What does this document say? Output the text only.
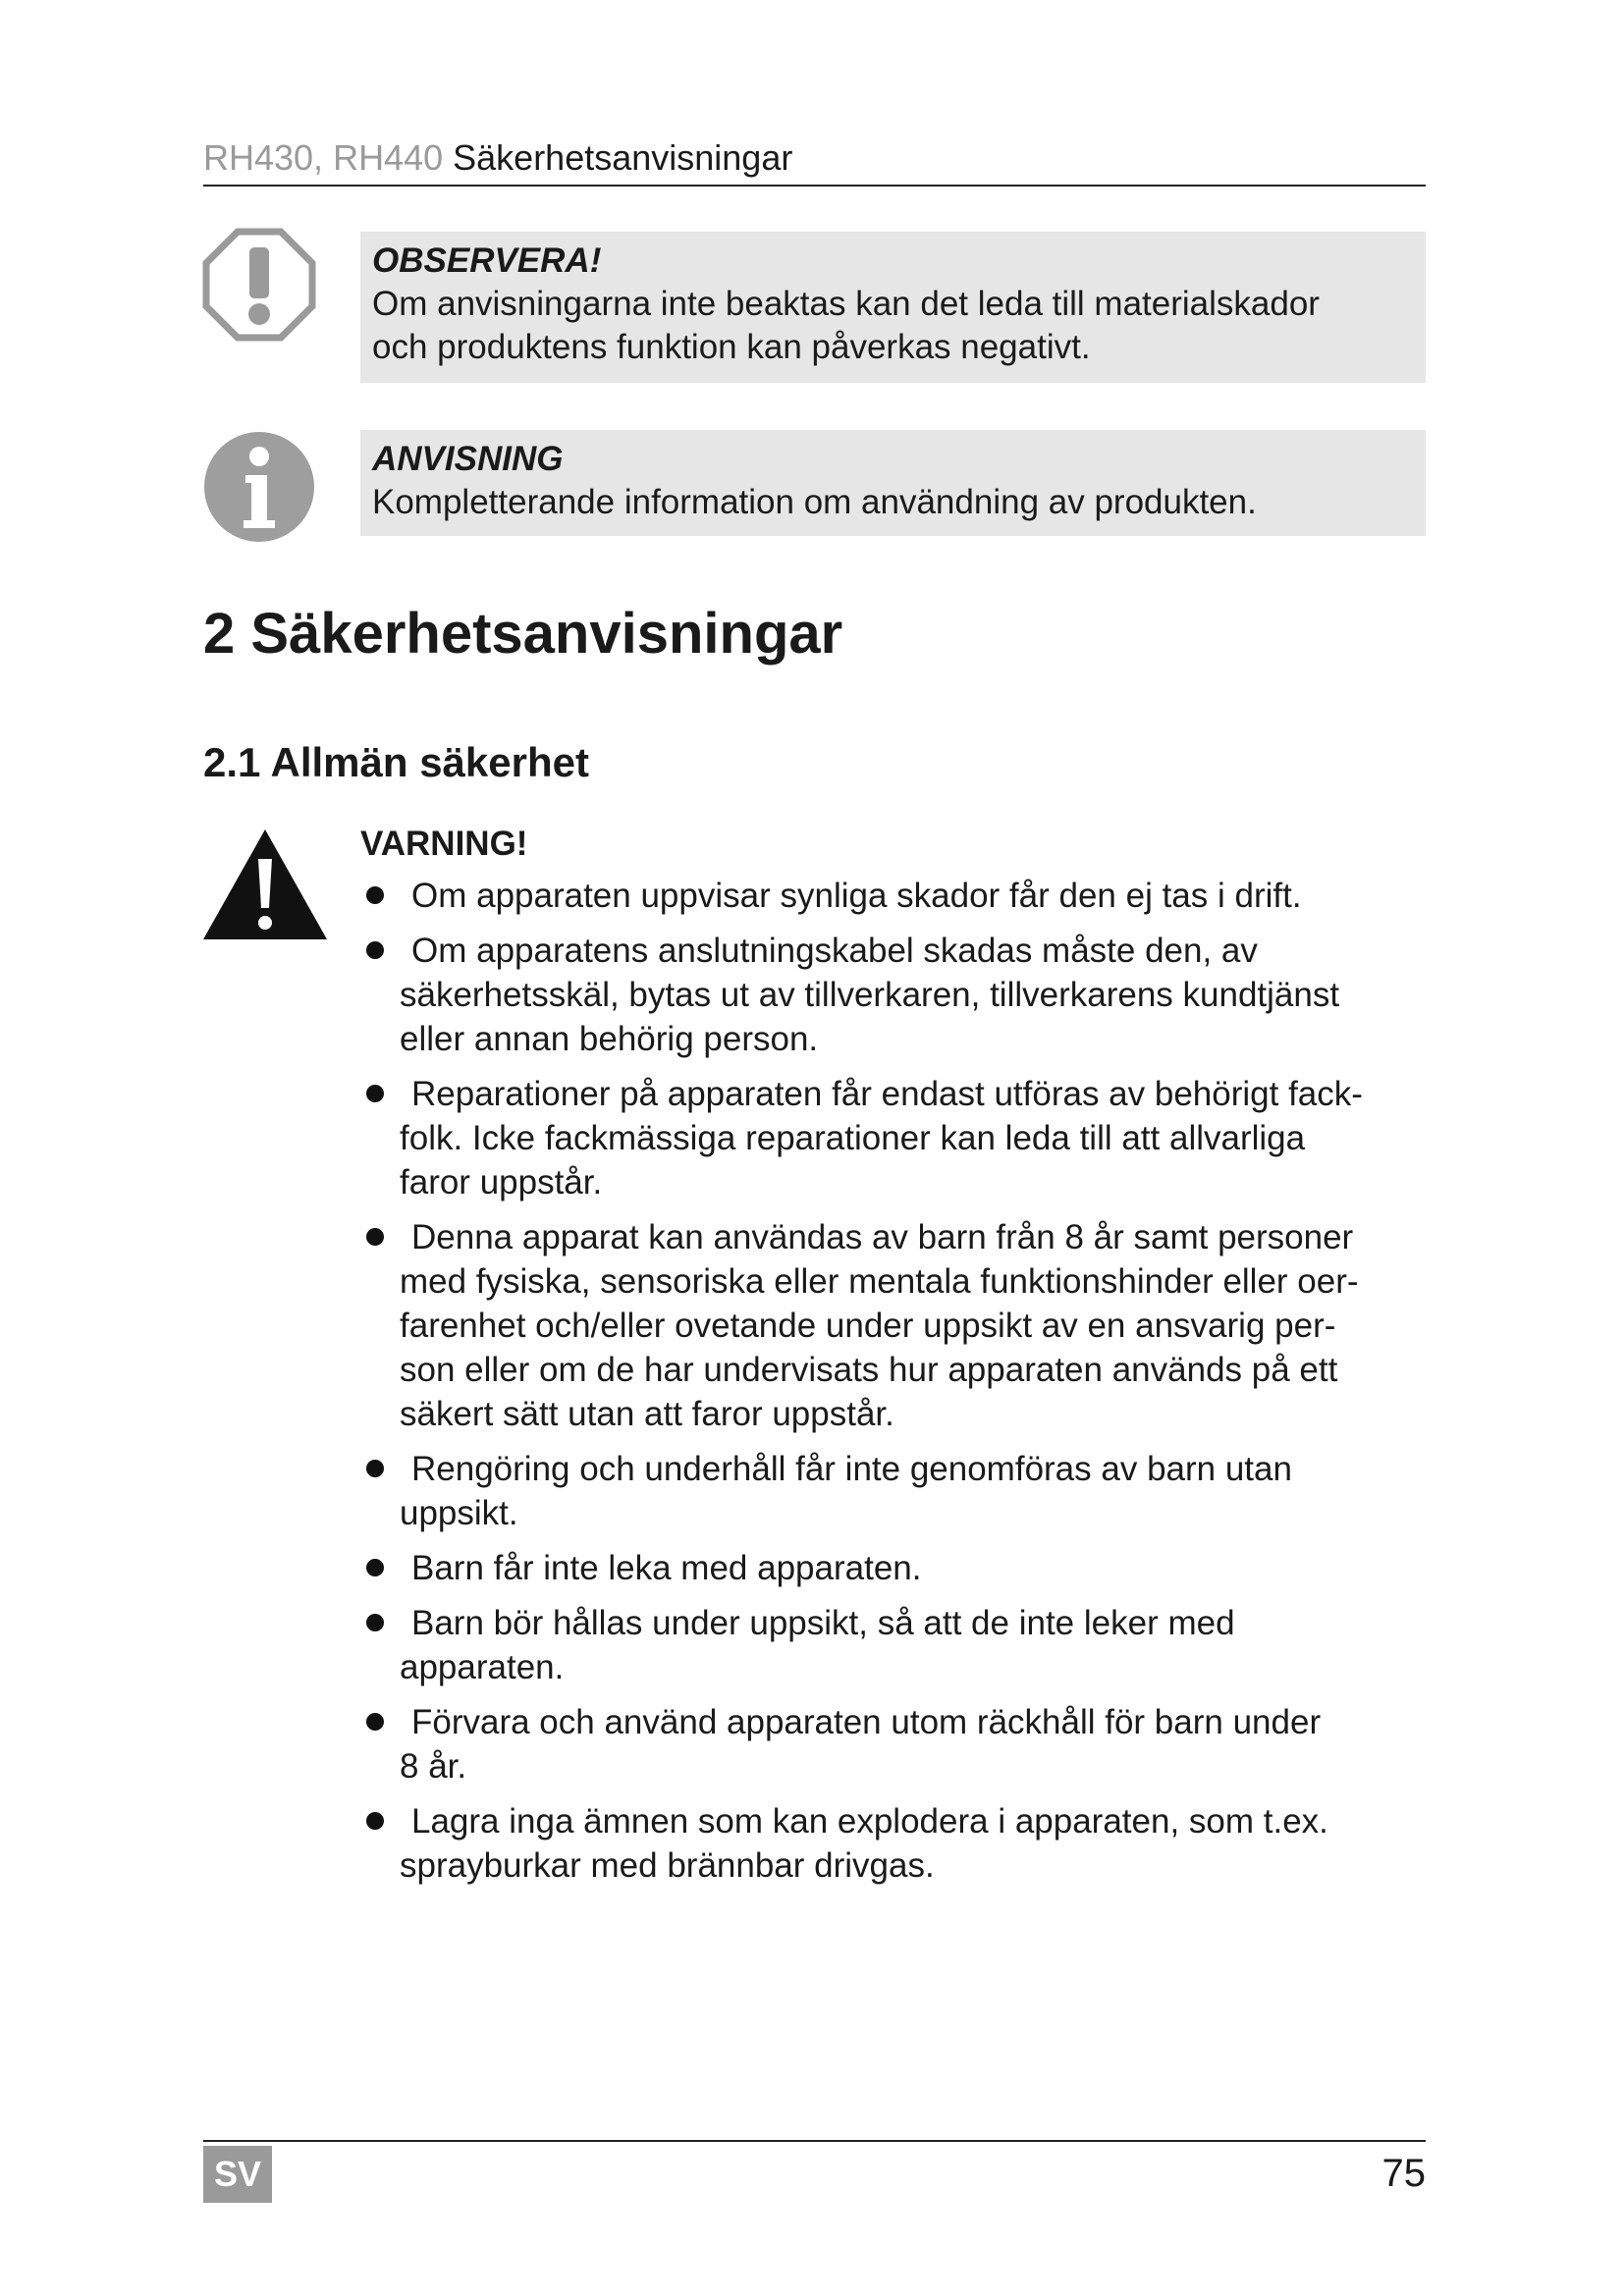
RH430, RH440 Säkerhetsanvisningar
OBSERVERA!
Om anvisningarna inte beaktas kan det leda till materialskador
och produktens funktion kan påverkas negativt.
ANVISNING
Kompletterande information om användning av produkten.
2 Säkerhetsanvisningar
2.1 Allmän säkerhet
VARNING!
Om apparaten uppvisar synliga skador får den ej tas i drift.
Om apparatens anslutningskabel skadas måste den, av
säkerhetsskäl, bytas ut av tillverkaren, tillverkarens kundtjänst
eller annan behörig person.
Reparationer på apparaten får endast utföras av behörigt fack-
folk. Icke fackmässiga reparationer kan leda till att allvarliga
faror uppstår.
Denna apparat kan användas av barn från 8 år samt personer
med fysiska, sensoriska eller mentala funktionshinder eller oer-
farenhet och/eller ovetande under uppsikt av en ansvarig per-
son eller om de har undervisats hur apparaten används på ett
säkert sätt utan att faror uppstår.
Rengöring och underhåll får inte genomföras av barn utan
uppsikt.
Barn får inte leka med apparaten.
Barn bör hållas under uppsikt, så att de inte leker med
apparaten.
Förvara och använd apparaten utom räckhåll för barn under
8 år.
Lagra inga ämnen som kan explodera i apparaten, som t.ex.
sprayburkar med brännbar drivgas.
SV	75
